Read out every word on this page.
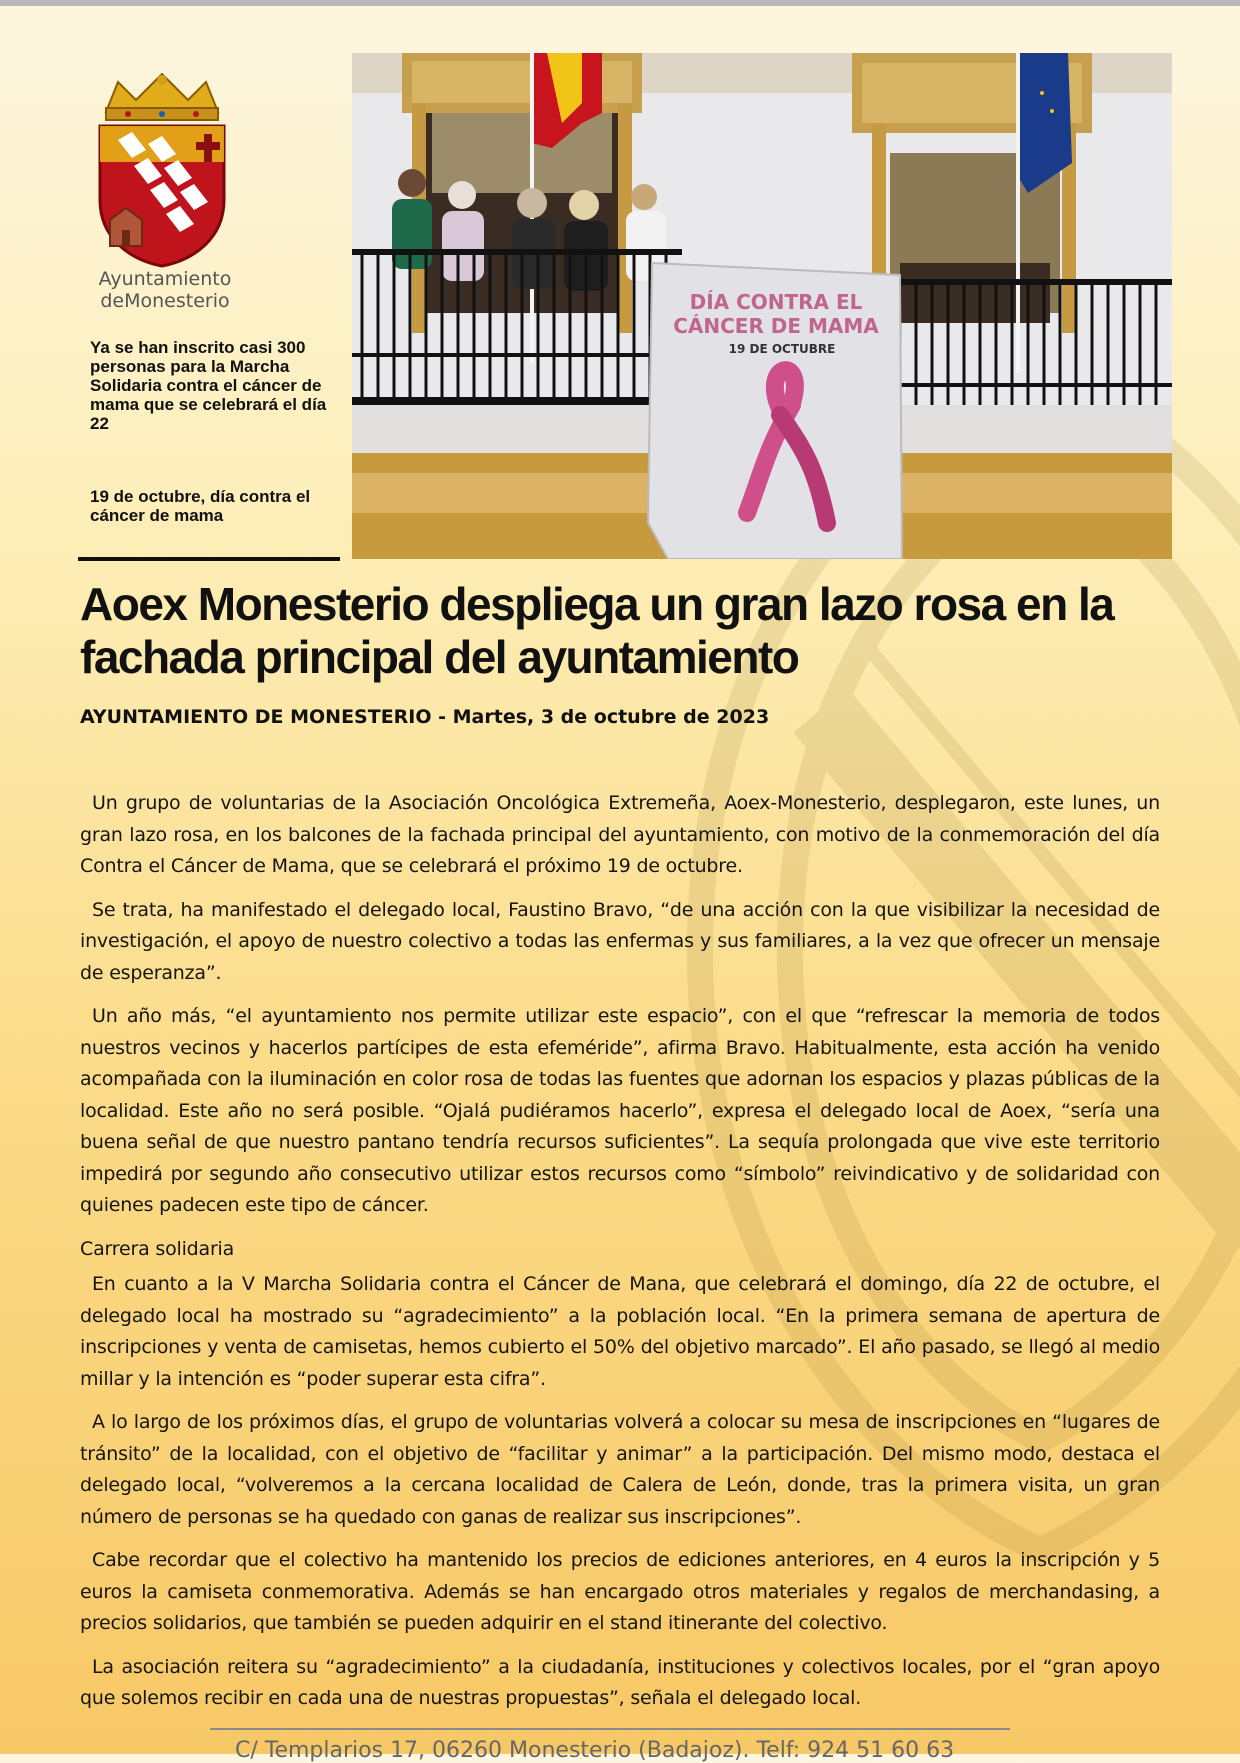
Ayuntamiento
deMonesterio
Ya se han inscrito casi 300 personas para la Marcha Solidaria contra el cáncer de mama que se celebrará el día 22
19 de octubre, día contra el cáncer de mama
DÍA CONTRA EL
CÁNCER DE MAMA
19 DE OCTUBRE
Aoex Monesterio despliega un gran lazo rosa en la fachada principal del ayuntamiento

AYUNTAMIENTO DE MONESTERIO - Martes, 3 de octubre de 2023

Un grupo de voluntarias de la Asociación Oncológica Extremeña, Aoex-Monesterio, desplegaron, este lunes, un gran lazo rosa, en los balcones de la fachada principal del ayuntamiento, con motivo de la conmemoración del día Contra el Cáncer de Mama, que se celebrará el próximo 19 de octubre.

Se trata, ha manifestado el delegado local, Faustino Bravo, “de una acción con la que visibilizar la necesidad de investigación, el apoyo de nuestro colectivo a todas las enfermas y sus familiares, a la vez que ofrecer un mensaje de esperanza”.

Un año más, “el ayuntamiento nos permite utilizar este espacio”, con el que “refrescar la memoria de todos nuestros vecinos y hacerlos partícipes de esta efeméride”, afirma Bravo. Habitualmente, esta acción ha venido acompañada con la iluminación en color rosa de todas las fuentes que adornan los espacios y plazas públicas de la localidad. Este año no será posible. “Ojalá pudiéramos hacerlo”, expresa el delegado local de Aoex, “sería una buena señal de que nuestro pantano tendría recursos suficientes”. La sequía prolongada que vive este territorio impedirá por segundo año consecutivo utilizar estos recursos como “símbolo” reivindicativo y de solidaridad con quienes padecen este tipo de cáncer.

Carrera solidaria

En cuanto a la V Marcha Solidaria contra el Cáncer de Mana, que celebrará el domingo, día 22 de octubre, el delegado local ha mostrado su “agradecimiento” a la población local. “En la primera semana de apertura de inscripciones y venta de camisetas, hemos cubierto el 50% del objetivo marcado”. El año pasado, se llegó al medio millar y la intención es “poder superar esta cifra”.

A lo largo de los próximos días, el grupo de voluntarias volverá a colocar su mesa de inscripciones en “lugares de tránsito” de la localidad, con el objetivo de “facilitar y animar” a la participación. Del mismo modo, destaca el delegado local, “volveremos a la cercana localidad de Calera de León, donde, tras la primera visita, un gran número de personas se ha quedado con ganas de realizar sus inscripciones”.

Cabe recordar que el colectivo ha mantenido los precios de ediciones anteriores, en 4 euros la inscripción y 5 euros la camiseta conmemorativa. Además se han encargado otros materiales y regalos de merchandasing, a precios solidarios, que también se pueden adquirir en el stand itinerante del colectivo.

La asociación reitera su “agradecimiento” a la ciudadanía, instituciones y colectivos locales, por el “gran apoyo que solemos recibir en cada una de nuestras propuestas”, señala el delegado local.

C/ Templarios 17, 06260 Monesterio (Badajoz). Telf: 924 51 60 63
